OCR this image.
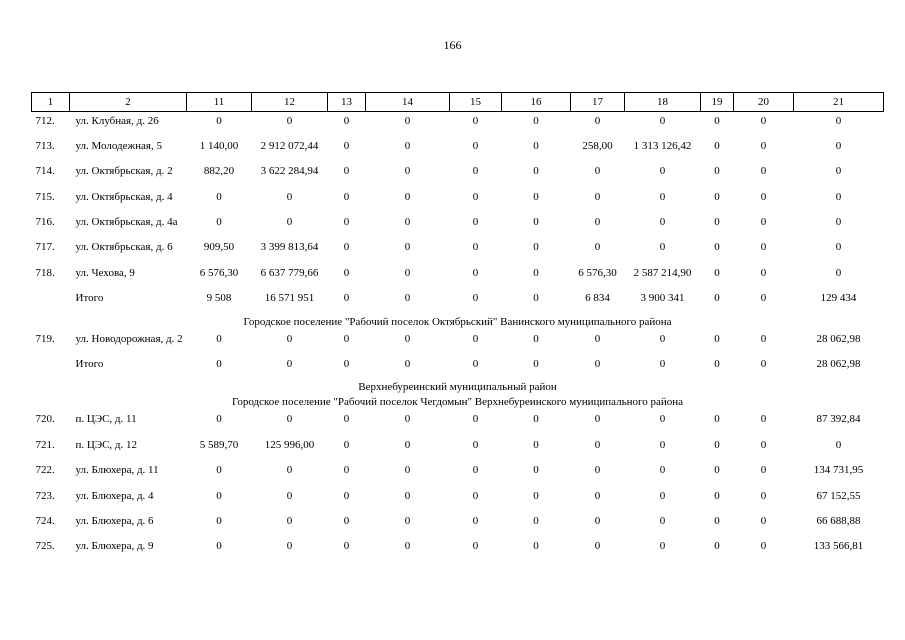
166
1	2	11	12	13	14	15	16	17	18	19	20	21
712.	ул. Клубная, д. 26	0	0	0	0	0	0	0	0	0	0	0
713.	ул. Молодежная, 5	1 140,00	2 912 072,44	0	0	0	0	258,00	1 313 126,42	0	0	0
714.	ул. Октябрьская, д. 2	882,20	3 622 284,94	0	0	0	0	0	0	0	0	0
715.	ул. Октябрьская, д. 4	0	0	0	0	0	0	0	0	0	0	0
716.	ул. Октябрьская, д. 4а	0	0	0	0	0	0	0	0	0	0	0
717.	ул. Октябрьская, д. 6	909,50	3 399 813,64	0	0	0	0	0	0	0	0	0
718.	ул. Чехова, 9	6 576,30	6 637 779,66	0	0	0	0	6 576,30	2 587 214,90	0	0	0
	Итого	9 508	16 571 951	0	0	0	0	6 834	3 900 341	0	0	129 434
Городское поселение "Рабочий поселок Октябрьский" Ванинского муниципального района												
719.	ул. Новодорожная, д. 2	0	0	0	0	0	0	0	0	0	0	28 062,98
	Итого	0	0	0	0	0	0	0	0	0	0	28 062,98
Верхнебуреинский муниципальный район												
Городское поселение "Рабочий поселок Чегдомын" Верхнебуреинского муниципального района												
720.	п. ЦЭС, д. 11	0	0	0	0	0	0	0	0	0	0	87 392,84
721.	п. ЦЭС, д. 12	5 589,70	125 996,00	0	0	0	0	0	0	0	0	0
722.	ул. Блюхера, д. 11	0	0	0	0	0	0	0	0	0	0	134 731,95
723.	ул. Блюхера, д. 4	0	0	0	0	0	0	0	0	0	0	67 152,55
724.	ул. Блюхера, д. 6	0	0	0	0	0	0	0	0	0	0	66 688,88
725.	ул. Блюхера, д. 9	0	0	0	0	0	0	0	0	0	0	133 566,81
